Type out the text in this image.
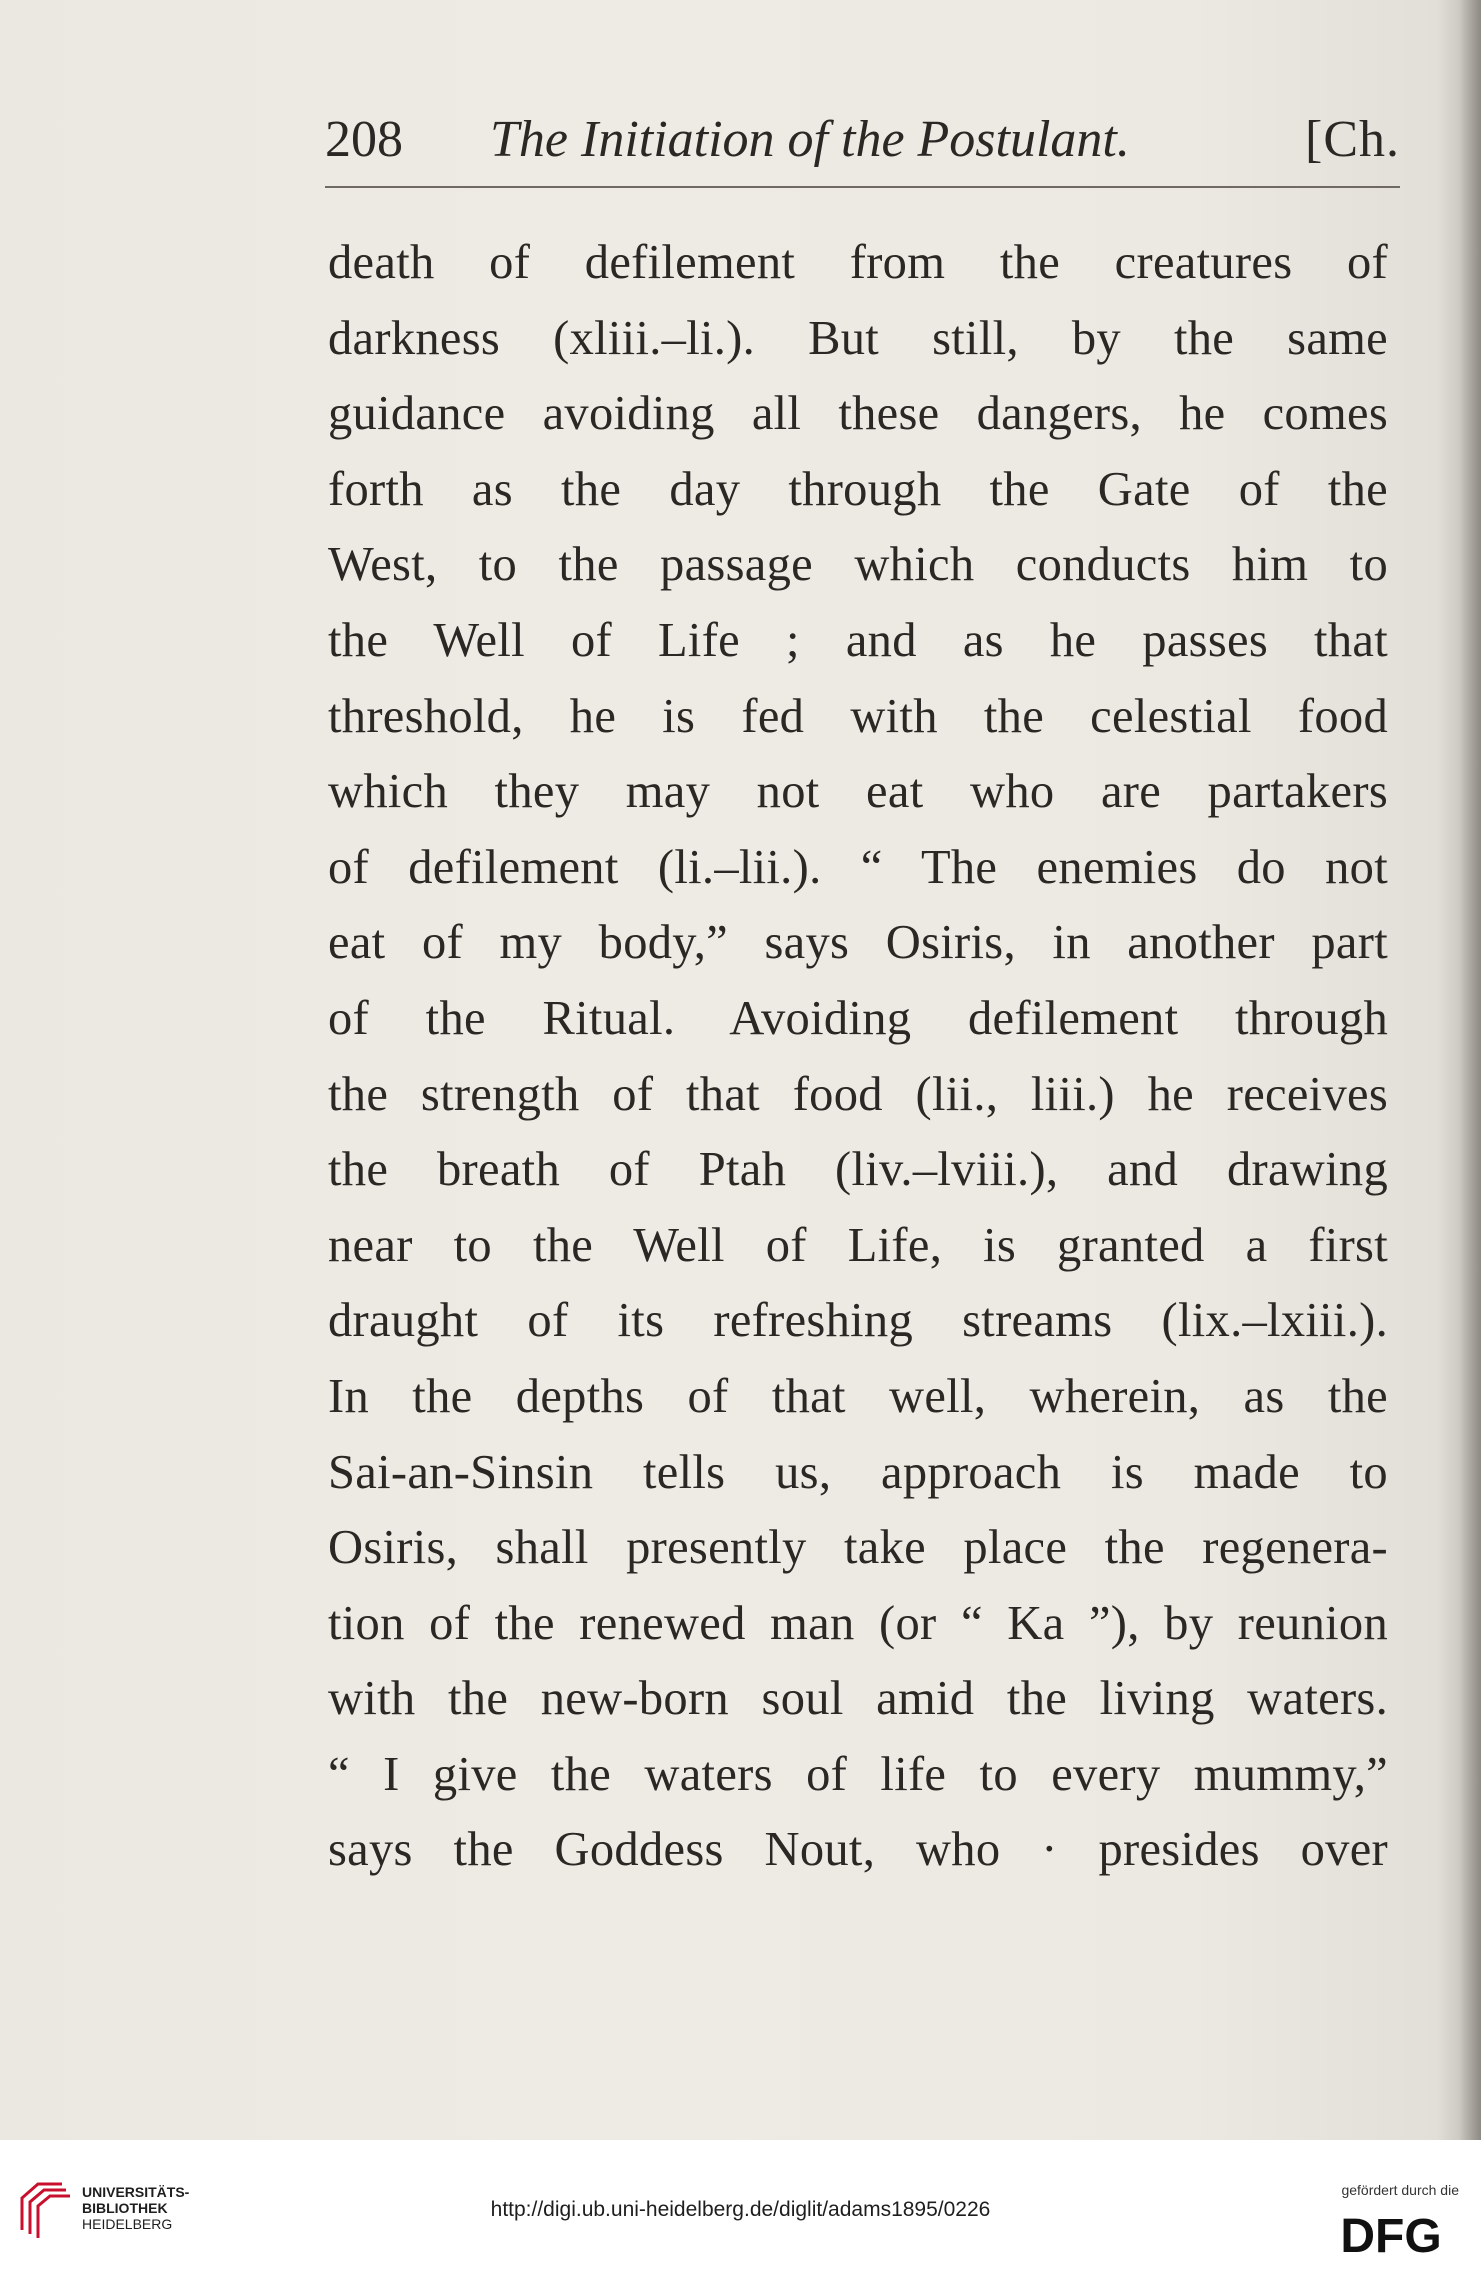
208 The Initiation of the Postulant.	[Ch.
death of defilement from the creatures of
darkness (xliii.–li.). But still, by the same
guidance avoiding all these dangers, he comes
forth as the day through the Gate of the
West, to the passage which conducts him to
the Well of Life ; and as he passes that
threshold, he is fed with the celestial food
which they may not eat who are partakers
of defilement (li.–lii.). “ The enemies do not
eat of my body,” says Osiris, in another part
of the Ritual. Avoiding defilement through
the strength of that food (lii., liii.) he receives
the breath of Ptah (liv.–lviii.), and drawing
near to the Well of Life, is granted a first
draught of its refreshing streams (lix.–lxiii.).
In the depths of that well, wherein, as the
Sai-an-Sinsin tells us, approach is made to
Osiris, shall presently take place the regenera-
tion of the renewed man (or “ Ka ”), by reunion
with the new-born soul amid the living waters.
“ I give the waters of life to every mummy,”
says the Goddess Nout, who · presides over
UNIVERSITÄTS-
BIBLIOTHEK
HEIDELBERG
http://digi.ub.uni-heidelberg.de/diglit/adams1895/0226
gefördert durch die
DFG
